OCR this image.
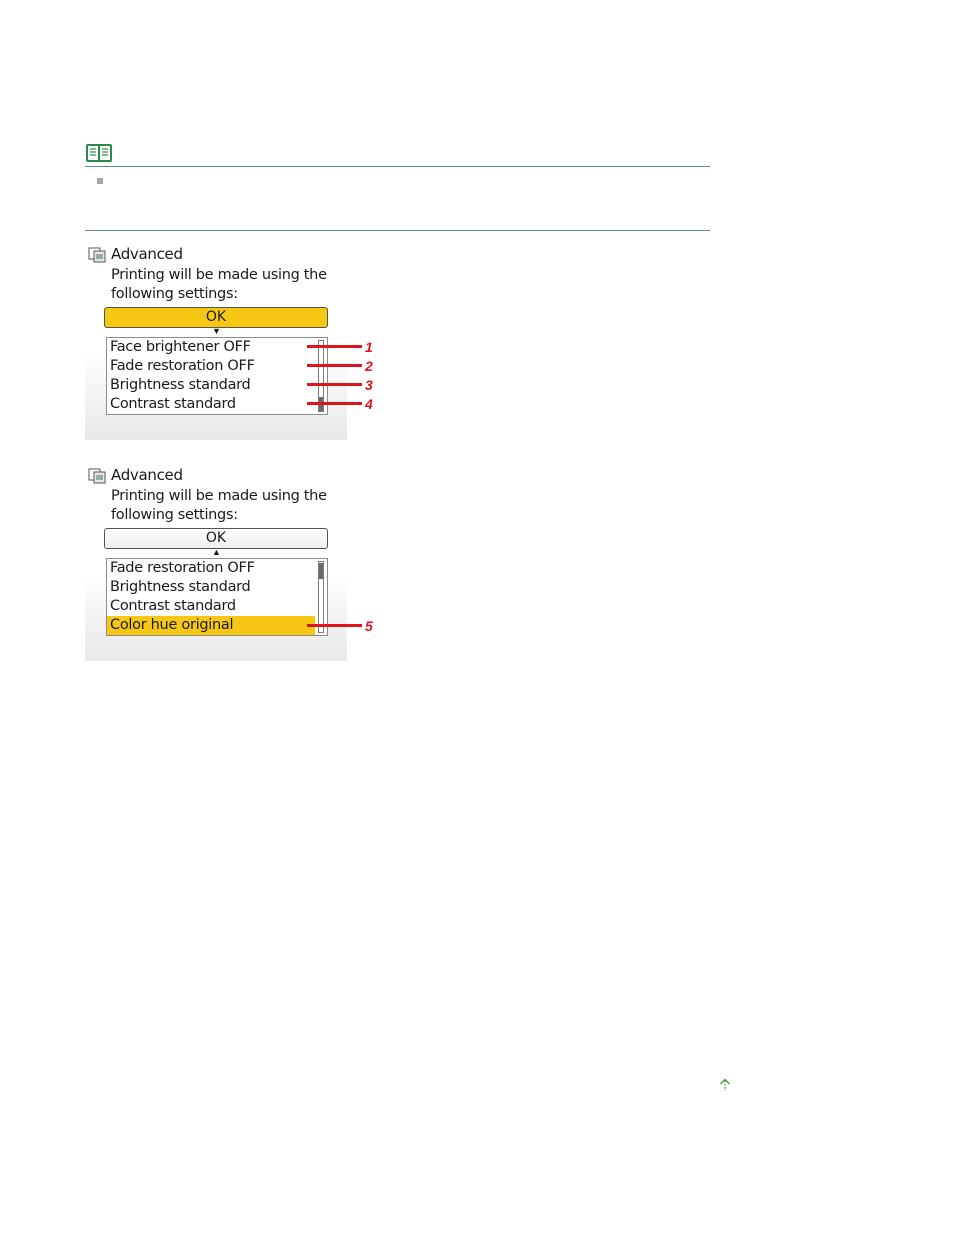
Advanced
Printing will be made using the following settings:
OK
▼
Face brightener OFF
Fade restoration OFF
Brightness standard
Contrast standard
1
2
3
4
Advanced
Printing will be made using the following settings:
OK
▲
Fade restoration OFF
Brightness standard
Contrast standard
Color hue original	5
